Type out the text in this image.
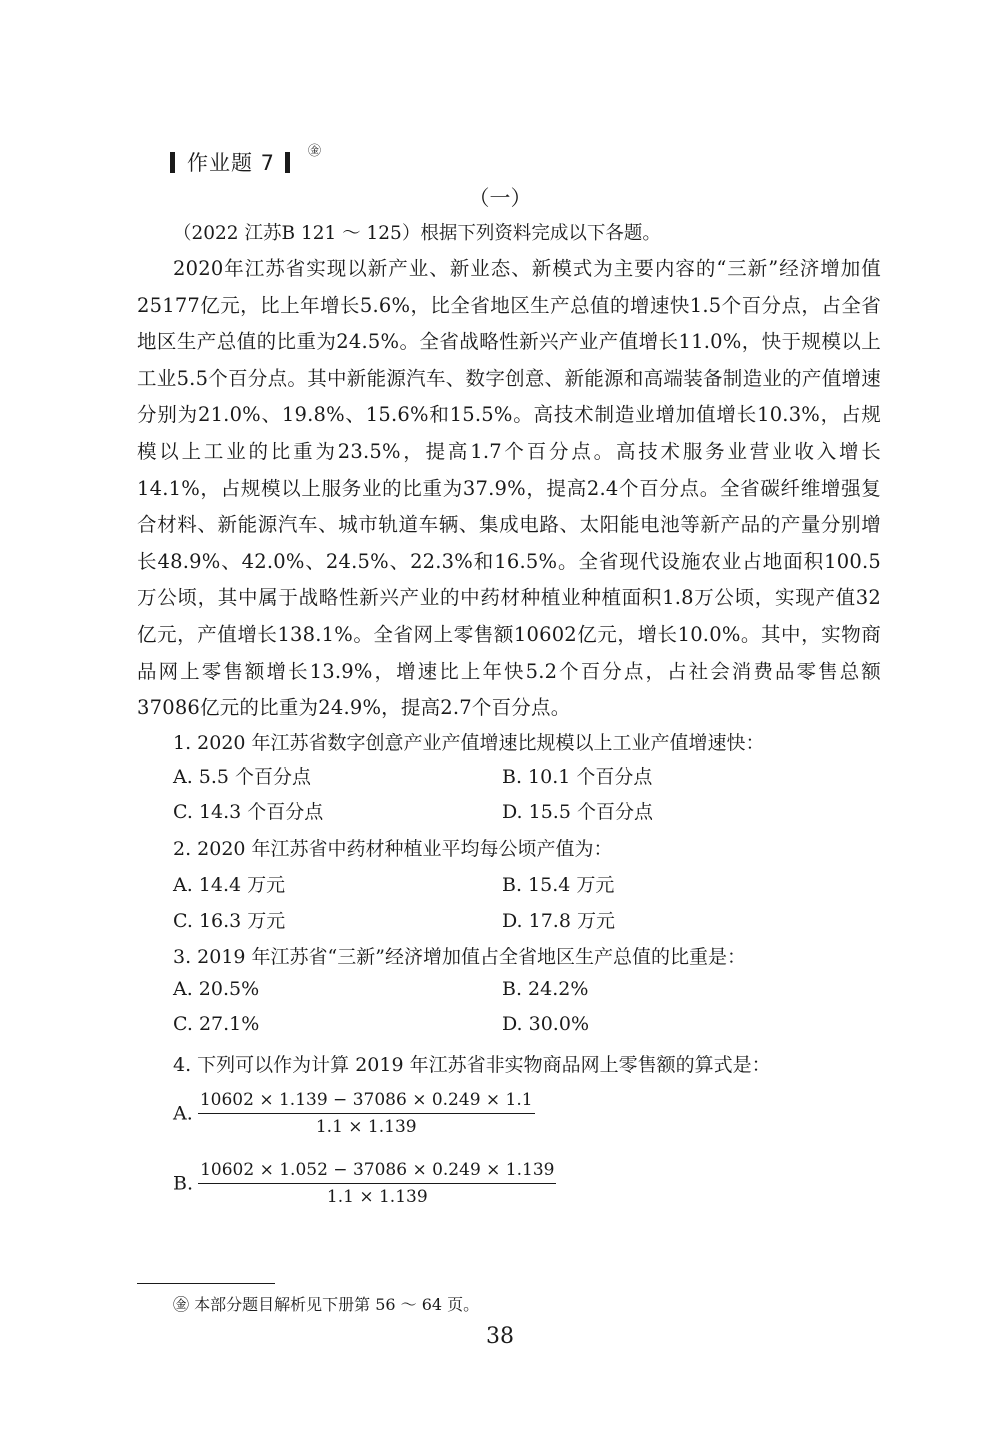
作业题 7	㊎
（一）
（2022 江苏B 121 ～ 125）根据下列资料完成以下各题。
2020年江苏省实现以新产业、新业态、新模式为主要内容的“三新”经济增加值25177亿元，比上年增长5.6%，比全省地区生产总值的增速快1.5个百分点，占全省地区生产总值的比重为24.5%。全省战略性新兴产业产值增长11.0%，快于规模以上工业5.5个百分点。其中新能源汽车、数字创意、新能源和高端装备制造业的产值增速分别为21.0%、19.8%、15.6%和15.5%。高技术制造业增加值增长10.3%，占规模以上工业的比重为23.5%，提高1.7个百分点。高技术服务业营业收入增长14.1%，占规模以上服务业的比重为37.9%，提高2.4个百分点。全省碳纤维增强复合材料、新能源汽车、城市轨道车辆、集成电路、太阳能电池等新产品的产量分别增长48.9%、42.0%、24.5%、22.3%和16.5%。全省现代设施农业占地面积100.5万公顷，其中属于战略性新兴产业的中药材种植业种植面积1.8万公顷，实现产值32亿元，产值增长138.1%。全省网上零售额10602亿元，增长10.0%。其中，实物商品网上零售额增长13.9%，增速比上年快5.2个百分点，占社会消费品零售总额37086亿元的比重为24.9%，提高2.7个百分点。
1. 2020 年江苏省数字创意产业产值增速比规模以上工业产值增速快：
A. 5.5 个百分点	B. 10.1 个百分点
C. 14.3 个百分点	D. 15.5 个百分点
2. 2020 年江苏省中药材种植业平均每公顷产值为：
A. 14.4 万元	B. 15.4 万元
C. 16.3 万元	D. 17.8 万元
3. 2019 年江苏省“三新”经济增加值占全省地区生产总值的比重是：
A. 20.5%	B. 24.2%
C. 27.1%	D. 30.0%
4. 下列可以作为计算 2019 年江苏省非实物商品网上零售额的算式是：
A. $\frac{10602 \times 1.139 - 37086 \times 0.249 \times 1.1}{1.1 \times 1.139}$
B. $\frac{10602 \times 1.052 - 37086 \times 0.249 \times 1.139}{1.1 \times 1.139}$
㊎ 本部分题目解析见下册第 56 ～ 64 页。
38
